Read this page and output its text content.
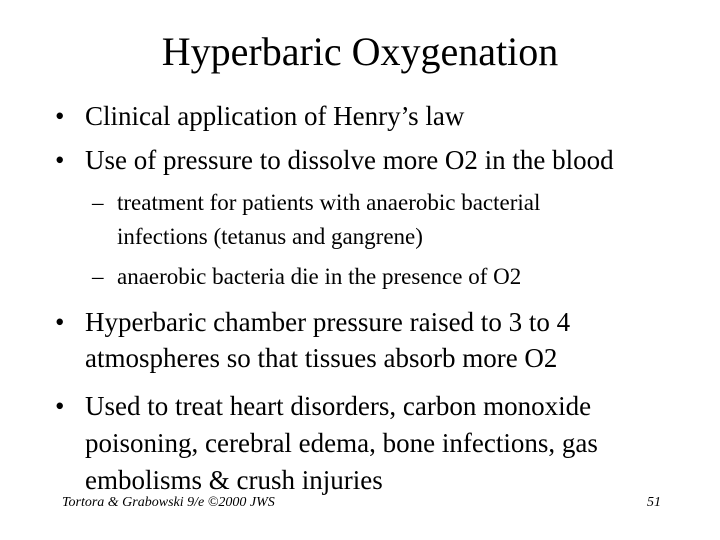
Hyperbaric Oxygenation
• Clinical application of Henry’s law
• Use of pressure to dissolve more O2 in the blood
– treatment for patients with anaerobic bacterial
infections (tetanus and gangrene)
– anaerobic bacteria die in the presence of O2
• Hyperbaric chamber pressure raised to 3 to 4
atmospheres so that tissues absorb more O2
• Used to treat heart disorders, carbon monoxide
poisoning, cerebral edema, bone infections, gas
embolisms & crush injuries
Tortora & Grabowski 9/e ©2000 JWS	51
